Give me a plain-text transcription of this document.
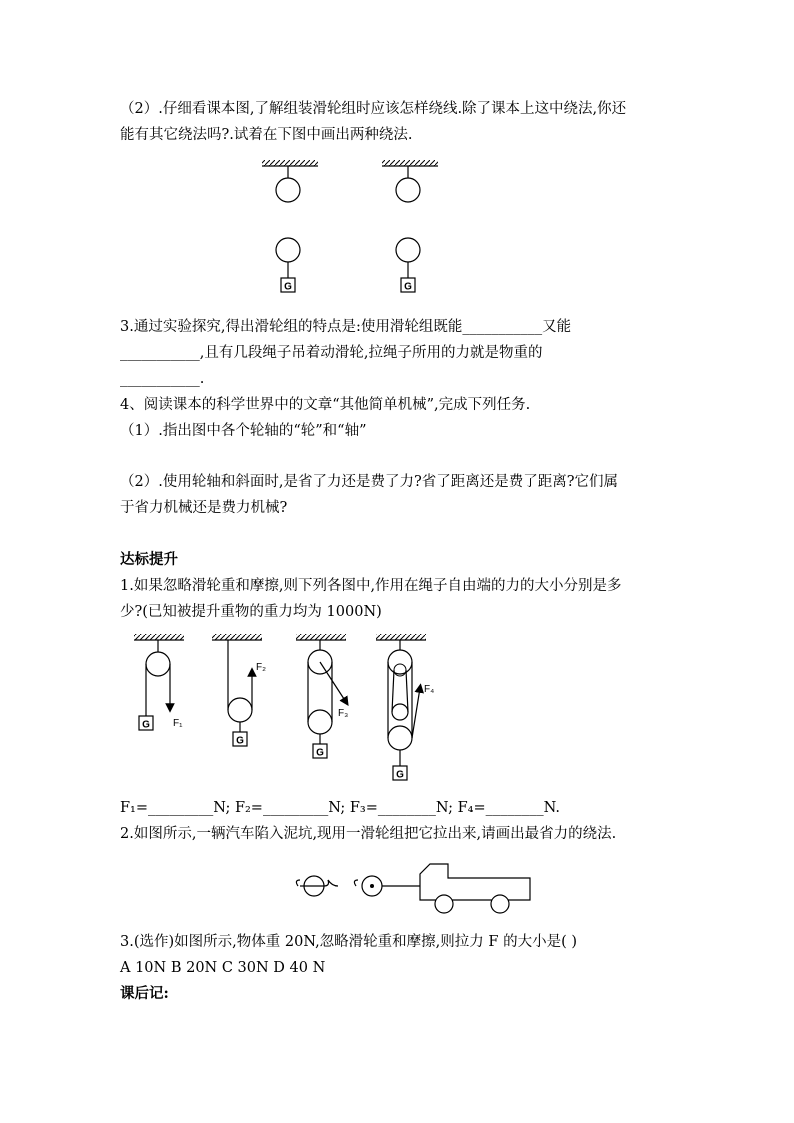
（2）.仔细看课本图,了解组装滑轮组时应该怎样绕线.除了课本上这中绕法,你还
能有其它绕法吗?.试着在下图中画出两种绕法.
G	G
3.通过实验探究,得出滑轮组的特点是:使用滑轮组既能___________又能
___________,且有几段绳子吊着动滑轮,拉绳子所用的力就是物重的
___________.
4、阅读课本的科学世界中的文章“其他简单机械”,完成下列任务.
（1）.指出图中各个轮轴的“轮”和“轴”
（2）.使用轮轴和斜面时,是省了力还是费了力?省了距离还是费了距离?它们属
于省力机械还是费力机械?
达标提升
1.如果忽略滑轮重和摩擦,则下列各图中,作用在绳子自由端的力的大小分别是多
少?(已知被提升重物的重力均为 1000N)
G F₁
G
F₂
G
F₃
G
F₄
F₁=_________N; F₂=_________N; F₃=________N; F₄=________N.
2.如图所示,一辆汽车陷入泥坑,现用一滑轮组把它拉出来,请画出最省力的绕法.
3.(选作)如图所示,物体重 20N,忽略滑轮重和摩擦,则拉力 F 的大小是( )
A 10N B 20N C 30N D 40 N
课后记:
